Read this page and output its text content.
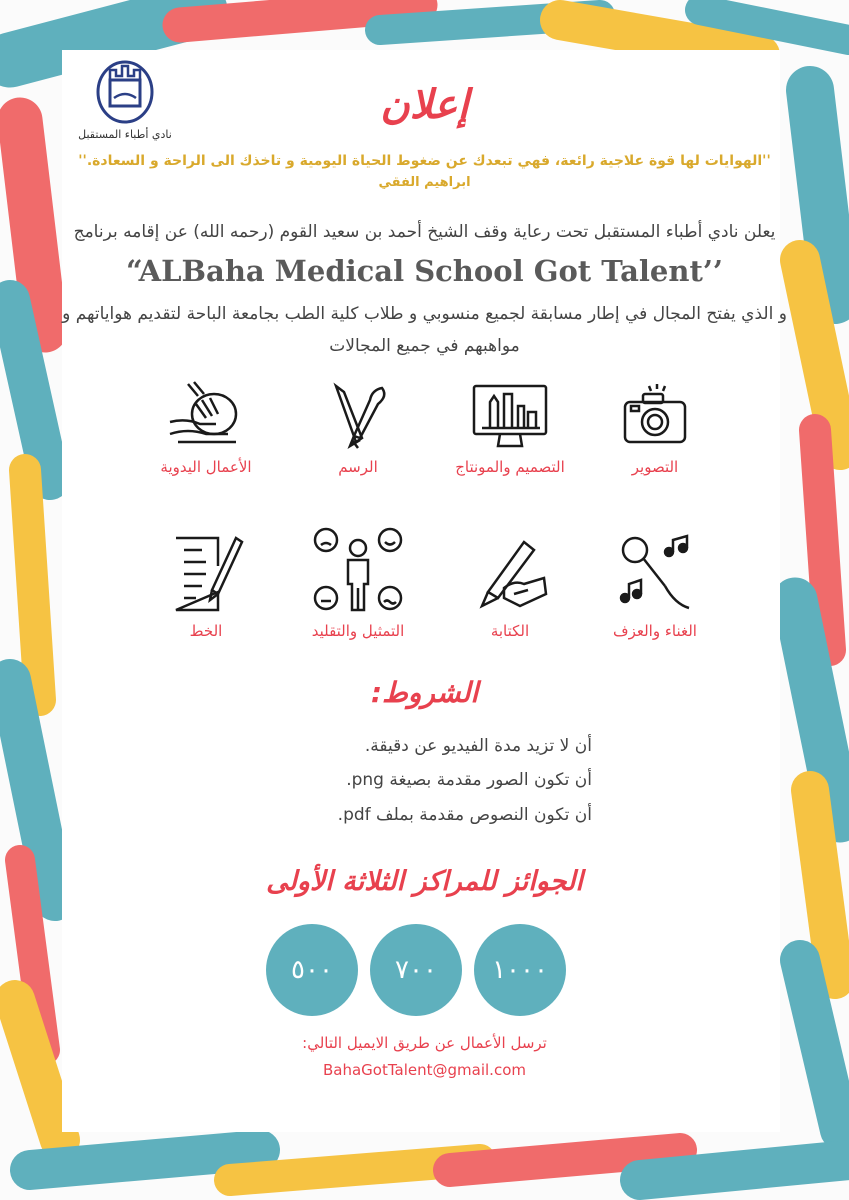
نادي أطباء المستقبل
إعلان
''الهوايات لها قوة علاجية رائعة، فهي تبعدك عن ضغوط الحياة اليومية و تاخذك الى الراحة و السعادة.''
ابراهيم الفقي
يعلن نادي أطباء المستقبل تحت رعاية وقف الشيخ أحمد بن سعيد القوم (رحمه الله) عن إقامه برنامج
“ALBaha Medical School Got Talent’’
و الذي يفتح المجال في إطار مسابقة لجميع منسوبي و طلاب كلية الطب بجامعة الباحة لتقديم هواياتهم و
مواهبهم في جميع المجالات
التصوير
التصميم والمونتاج
الرسم
الأعمال اليدوية
الغناء والعزف
الكتابة
التمثيل والتقليد
الخط
الشروط:
أن لا تزيد مدة الفيديو عن دقيقة.
أن تكون الصور مقدمة بصيغة png.
أن تكون النصوص مقدمة بملف pdf.
الجوائز للمراكز الثلاثة الأولى
١٠٠٠
٧٠٠
٥٠٠
ترسل الأعمال عن طريق الايميل التالي:
BahaGotTalent@gmail.com
